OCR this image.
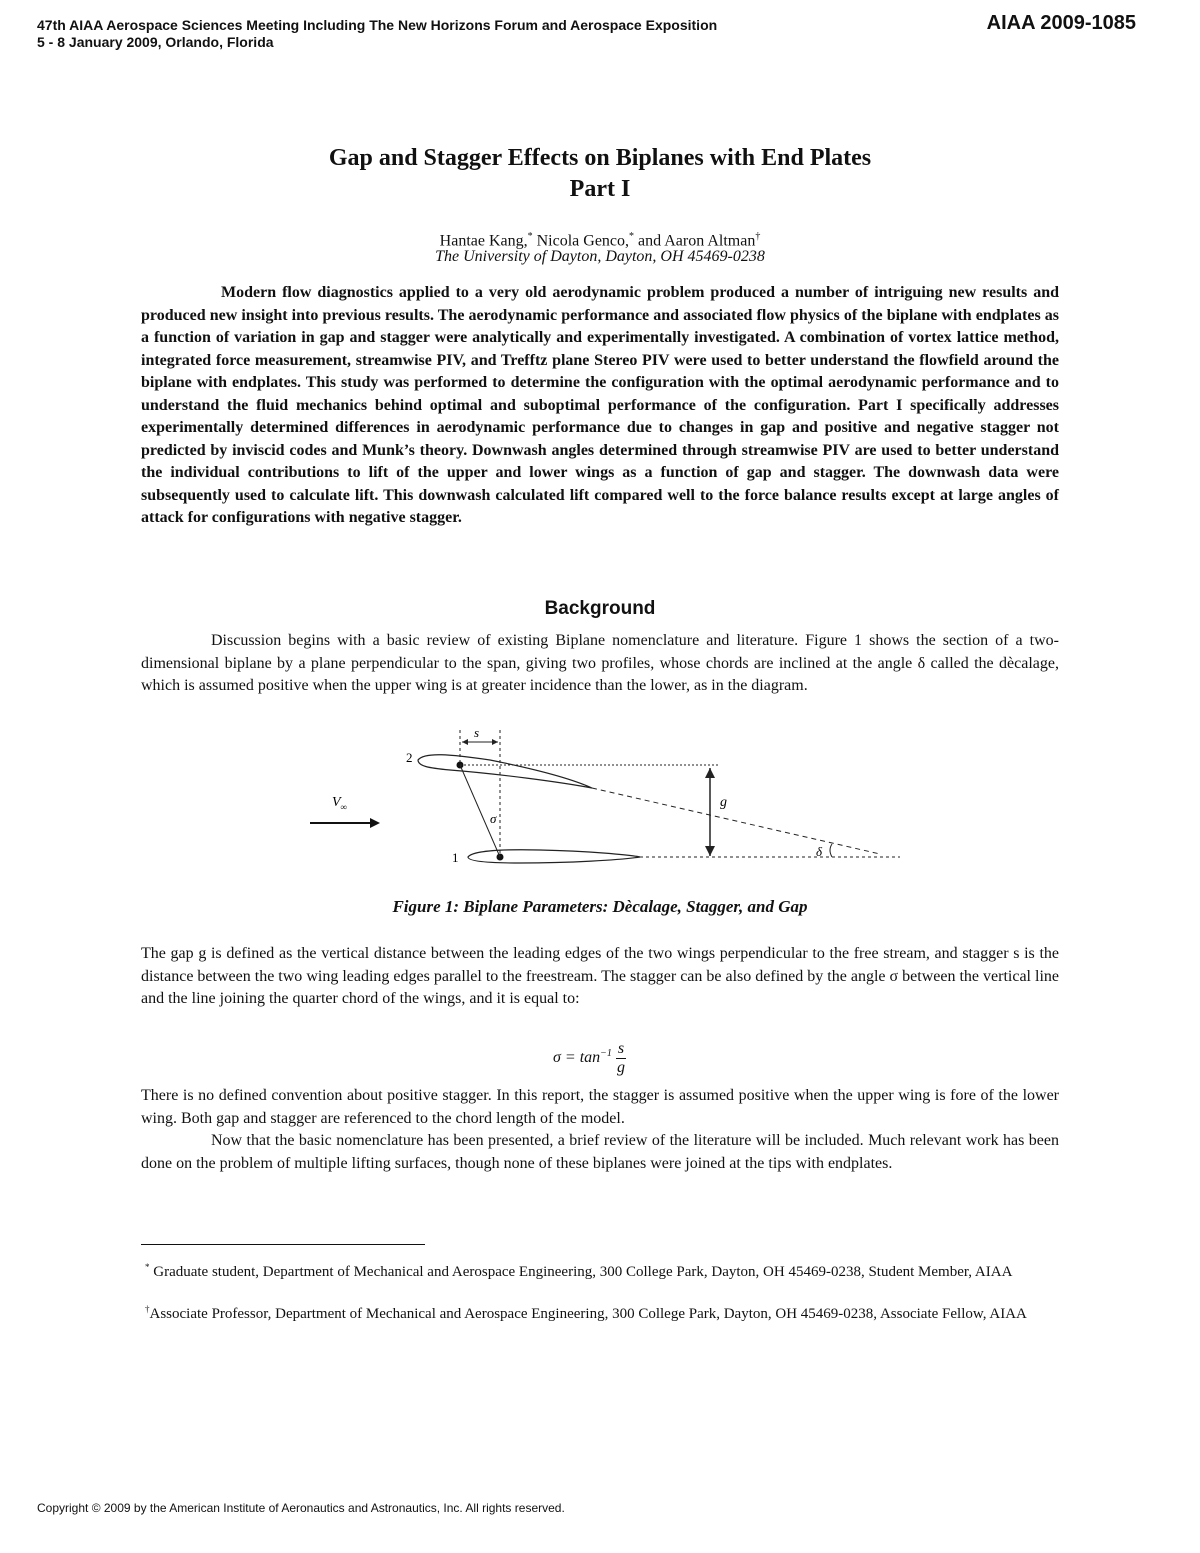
47th AIAA Aerospace Sciences Meeting Including The New Horizons Forum and Aerospace Exposition
5 - 8 January 2009, Orlando, Florida
AIAA 2009-1085
Gap and Stagger Effects on Biplanes with End Plates
Part I
Hantae Kang,* Nicola Genco,* and Aaron Altman†
The University of Dayton, Dayton, OH 45469-0238

Modern flow diagnostics applied to a very old aerodynamic problem produced a number of intriguing new results and produced new insight into previous results. The aerodynamic performance and associated flow physics of the biplane with endplates as a function of variation in gap and stagger were analytically and experimentally investigated. A combination of vortex lattice method, integrated force measurement, streamwise PIV, and Trefftz plane Stereo PIV were used to better understand the flowfield around the biplane with endplates. This study was performed to determine the configuration with the optimal aerodynamic performance and to understand the fluid mechanics behind optimal and suboptimal performance of the configuration. Part I specifically addresses experimentally determined differences in aerodynamic performance due to changes in gap and positive and negative stagger not predicted by inviscid codes and Munk’s theory. Downwash angles determined through streamwise PIV are used to better understand the individual contributions to lift of the upper and lower wings as a function of gap and stagger. The downwash data were subsequently used to calculate lift. This downwash calculated lift compared well to the force balance results except at large angles of attack for configurations with negative stagger.

Background

Discussion begins with a basic review of existing Biplane nomenclature and literature. Figure 1 shows the section of a two-dimensional biplane by a plane perpendicular to the span, giving two profiles, whose chords are inclined at the angle δ called the dècalage, which is assumed positive when the upper wing is at greater incidence than the lower, as in the diagram.

2
1
s
g
σ
δ
$V_\infty$
Figure 1: Biplane Parameters: Dècalage, Stagger, and Gap

The gap g is defined as the vertical distance between the leading edges of the two wings perpendicular to the free stream, and stagger s is the distance between the two wing leading edges parallel to the freestream. The stagger can be also defined by the angle σ between the vertical line and the line joining the quarter chord of the wings, and it is equal to:

$\sigma = \tan^{-1} \frac{s}{g}$

There is no defined convention about positive stagger. In this report, the stagger is assumed positive when the upper wing is fore of the lower wing. Both gap and stagger are referenced to the chord length of the model.

Now that the basic nomenclature has been presented, a brief review of the literature will be included. Much relevant work has been done on the problem of multiple lifting surfaces, though none of these biplanes were joined at the tips with endplates.

* Graduate student, Department of Mechanical and Aerospace Engineering, 300 College Park, Dayton, OH 45469-0238, Student Member, AIAA

†Associate Professor, Department of Mechanical and Aerospace Engineering, 300 College Park, Dayton, OH 45469-0238, Associate Fellow, AIAA

Copyright © 2009 by the American Institute of Aeronautics and Astronautics, Inc. All rights reserved.
